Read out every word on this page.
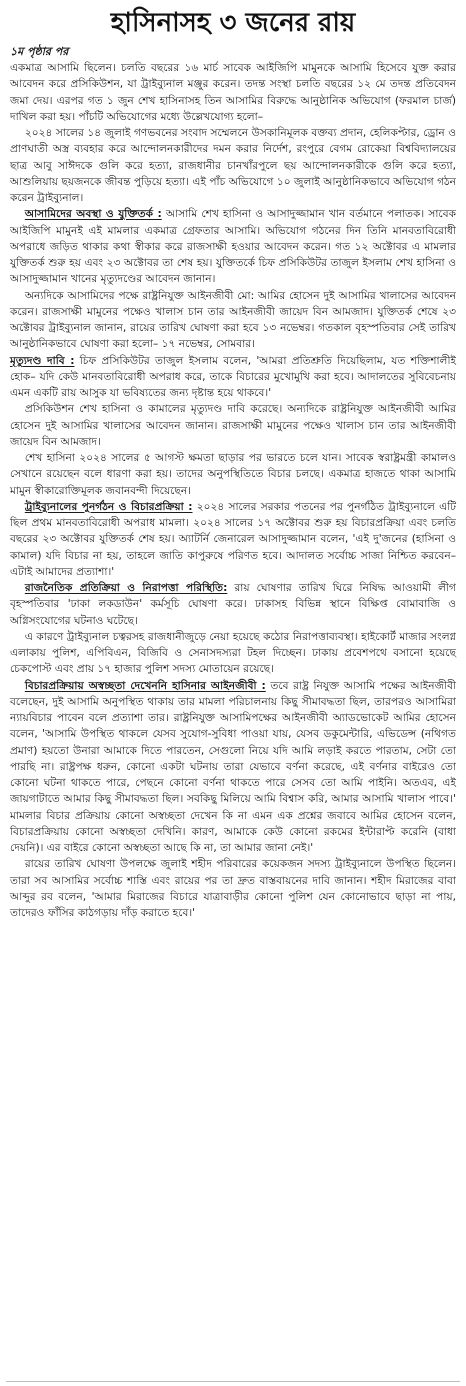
হাসিনাসহ ৩ জনের রায়

১ম পৃষ্ঠার পর

একমাত্র আসামি ছিলেন। চলতি বছরের ১৬ মার্চ সাবেক আইজিপি মামুনকে আসামি হিসেবে যুক্ত করার আবেদন করে প্রসিকিউশন, যা ট্রাইব্যুনাল মঞ্জুর করেন। তদন্ত সংস্থা চলতি বছরের ১২ মে তদন্ত প্রতিবেদন জমা দেয়। এরপর গত ১ জুন শেখ হাসিনাসহ তিন আসামির বিরুদ্ধে আনুষ্ঠানিক অভিযোগ (ফরমাল চার্জ) দাখিল করা হয়। পাঁচটি অভিযোগের মধ্যে উল্লেখযোগ্য হলো–

২০২৪ সালের ১৪ জুলাই গণভবনের সংবাদ সম্মেলনে উসকানিমূলক বক্তব্য প্রদান, হেলিকপ্টার, ড্রোন ও প্রাণঘাতী অস্ত্র ব্যবহার করে আন্দোলনকারীদের দমন করার নির্দেশ, রংপুরে বেগম রোকেয়া বিশ্ববিদ্যালয়ের ছাত্র আবু সাঈদকে গুলি করে হত্যা, রাজধানীর চানখাঁরপুলে ছয় আন্দোলনকারীকে গুলি করে হত্যা, আশুলিয়ায় ছয়জনকে জীবন্ত পুড়িয়ে হত্যা। এই পাঁচ অভিযোগে ১০ জুলাই আনুষ্ঠানিকভাবে অভিযোগ গঠন করেন ট্রাইব্যুনাল।

আসামিদের অবস্থা ও যুক্তিতর্ক : আসামি শেখ হাসিনা ও আসাদুজ্জামান খান বর্তমানে পলাতক। সাবেক আইজিপি মামুনই এই মামলার একমাত্র গ্রেফতার আসামি। অভিযোগ গঠনের দিন তিনি মানবতাবিরোধী অপরাধে জড়িত থাকার কথা স্বীকার করে রাজসাক্ষী হওয়ার আবেদন করেন। গত ১২ অক্টোবর এ মামলার যুক্তিতর্ক শুরু হয় এবং ২৩ অক্টোবর তা শেষ হয়। যুক্তিতর্কে চিফ প্রসিকিউটর তাজুল ইসলাম শেখ হাসিনা ও আসাদুজ্জামান খানের মৃত্যুদণ্ডের আবেদন জানান।

অন্যদিকে আসামিদের পক্ষে রাষ্ট্রনিযুক্ত আইনজীবী মো: আমির হোসেন দুই আসামির খালাসের আবেদন করেন। রাজসাক্ষী মামুনের পক্ষেও খালাস চান তার আইনজীবী জায়েদ বিন আমজাদ। যুক্তিতর্ক শেষে ২৩ অক্টোবর ট্রাইব্যুনাল জানান, রায়ের তারিখ ঘোষণা করা হবে ১৩ নভেম্বর। গতকাল বৃহস্পতিবার সেই তারিখ আনুষ্ঠানিকভাবে ঘোষণা করা হলো– ১৭ নভেম্বর, সোমবার।

মৃত্যুদণ্ড দাবি : চিফ প্রসিকিউটর তাজুল ইসলাম বলেন, 'আমরা প্রতিশ্রুতি দিয়েছিলাম, যত শক্তিশালীই হোক– যদি কেউ মানবতাবিরোধী অপরাধ করে, তাকে বিচারের মুখোমুখি করা হবে। আদালতের সুবিবেচনায় এমন একটি রায় আসুক যা ভবিষ্যতের জন্য দৃষ্টান্ত হয়ে থাকবে।'

প্রসিকিউশন শেখ হাসিনা ও কামালের মৃত্যুদণ্ড দাবি করেছে। অন্যদিকে রাষ্ট্রনিযুক্ত আইনজীবী আমির হোসেন দুই আসামির খালাসের আবেদন জানান। রাজসাক্ষী মামুনের পক্ষেও খালাস চান তার আইনজীবী জায়েদ বিন আমজাদ।

শেখ হাসিনা ২০২৪ সালের ৫ আগস্ট ক্ষমতা ছাড়ার পর ভারতে চলে যান। সাবেক স্বরাষ্ট্রমন্ত্রী কামালও সেখানে রয়েছেন বলে ধারণা করা হয়। তাদের অনুপস্থিতিতে বিচার চলছে। একমাত্র হাজতে থাকা আসামি মামুন স্বীকারোক্তিমূলক জবানবন্দী দিয়েছেন।

ট্রাইব্যুনালের পুনর্গঠন ও বিচারপ্রক্রিয়া : ২০২৪ সালের সরকার পতনের পর পুনর্গঠিত ট্রাইব্যুনালে এটি ছিল প্রথম মানবতাবিরোধী অপরাধ মামলা। ২০২৪ সালের ১৭ অক্টোবর শুরু হয় বিচারপ্রক্রিয়া এবং চলতি বছরের ২৩ অক্টোবর যুক্তিতর্ক শেষ হয়। অ্যাটর্নি জেনারেল আসাদুজ্জামান বলেন, 'এই দু'জনের (হাসিনা ও কামাল) যদি বিচার না হয়, তাহলে জাতি কাপুরুষে পরিণত হবে। আদালত সর্বোচ্চ সাজা নিশ্চিত করবেন– এটাই আমাদের প্রত্যাশা।'

রাজনৈতিক প্রতিক্রিয়া ও নিরাপত্তা পরিস্থিতি: রায় ঘোষণার তারিখ ঘিরে নিষিদ্ধ আওয়ামী লীগ বৃহস্পতিবার 'ঢাকা লকডাউন' কর্মসূচি ঘোষণা করে। ঢাকাসহ বিভিন্ন স্থানে বিক্ষিপ্ত বোমাবাজি ও অগ্নিসংযোগের ঘটনাও ঘটেছে।

এ কারণে ট্রাইব্যুনাল চত্বরসহ রাজধানীজুড়ে নেয়া হয়েছে কঠোর নিরাপত্তাব্যবস্থা। হাইকোর্ট মাজার সংলগ্ন এলাকায় পুলিশ, এপিবিএন, বিজিবি ও সেনাসদস্যরা টহল দিচ্ছেন। ঢাকায় প্রবেশপথে বসানো হয়েছে চেকপোস্ট এবং প্রায় ১৭ হাজার পুলিশ সদস্য মোতায়েন রয়েছে।

বিচারপ্রক্রিয়ায় অস্বচ্ছতা দেখেননি হাসিনার আইনজীবী : তবে রাষ্ট্র নিযুক্ত আসামি পক্ষের আইনজীবী বলেছেন, দুই আসামি অনুপস্থিত থাকায় তার মামলা পরিচালনায় কিছু সীমাবদ্ধতা ছিল, তারপরও আসামিরা ন্যায়বিচার পাবেন বলে প্রত্যাশা তার। রাষ্ট্রনিযুক্ত আসামিপক্ষের আইনজীবী অ্যাডভোকেট আমির হোসেন বলেন, 'আসামি উপস্থিত থাকলে যেসব সুযোগ-সুবিধা পাওয়া যায়, যেসব ডকুমেন্টারি, এভিডেন্স (নথিগত প্রমাণ) হয়তো উনারা আমাকে দিতে পারতেন, সেগুলো নিয়ে যদি আমি লড়াই করতে পারতাম, সেটা তো পারছি না। রাষ্ট্রপক্ষ ধরুন, কোনো একটা ঘটনায় তারা যেভাবে বর্ণনা করেছে, এই বর্ণনার বাইরেও তো কোনো ঘটনা থাকতে পারে, পেছনে কোনো বর্ণনা থাকতে পারে সেসব তো আমি পাইনি। অতএব, এই জায়গাটাতে আমার কিছু সীমাবদ্ধতা ছিল। সবকিছু মিলিয়ে আমি বিশ্বাস করি, আমার আসামি খালাস পাবে।' মামলার বিচার প্রক্রিয়ায় কোনো অস্বচ্ছতা দেখেন কি না এমন এক প্রশ্নের জবাবে আমির হোসেন বলেন, বিচারপ্রক্রিয়ায় কোনো অস্বচ্ছতা দেখিনি। কারণ, আমাকে কেউ কোনো রকমের ইন্টারাপ্ট করেনি (বাধা দেয়নি)। এর বাইরে কোনো অস্বচ্ছতা আছে কি না, তা আমার জানা নেই।'

রায়ের তারিখ ঘোষণা উপলক্ষে জুলাই শহীদ পরিবারের কয়েকজন সদস্য ট্রাইব্যুনালে উপস্থিত ছিলেন। তারা সব আসামির সর্বোচ্চ শাস্তি এবং রায়ের পর তা দ্রুত বাস্তবায়নের দাবি জানান। শহীদ মিরাজের বাবা আব্দুর রব বলেন, 'আমার মিরাজের বিচারে যাত্রাবাড়ীর কোনো পুলিশ যেন কোনোভাবে ছাড়া না পায়, তাদেরও ফাঁসির কাঠগড়ায় দাঁড় করাতে হবে।'
